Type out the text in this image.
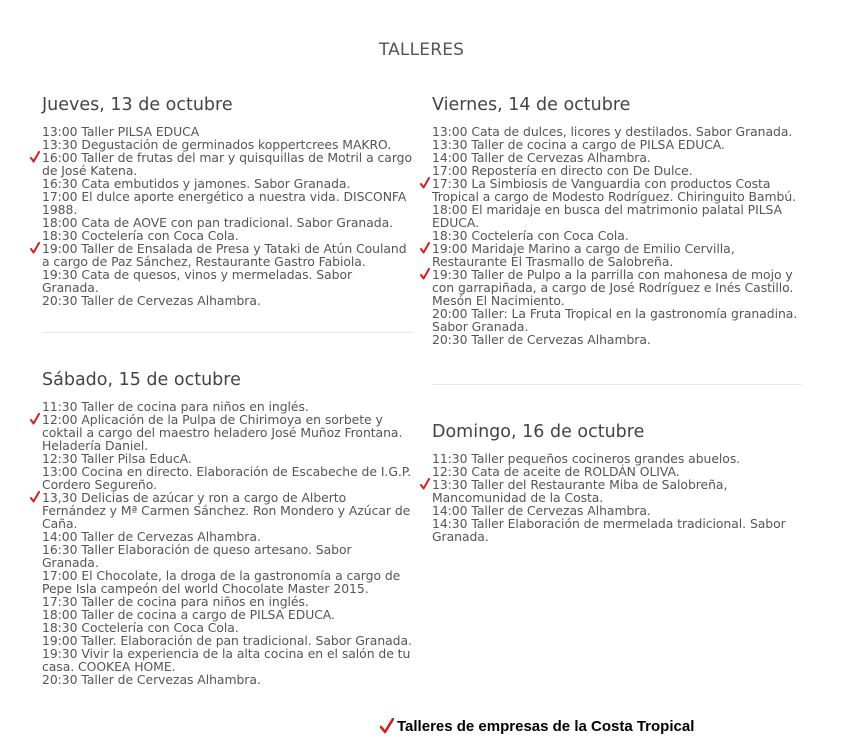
TALLERES
Jueves, 13 de octubre
13:00 Taller PILSA EDUCA
13:30 Degustación de germinados koppertcrees MAKRO.
16:00 Taller de frutas del mar y quisquillas de Motril a cargo de José Katena.
16:30 Cata embutidos y jamones. Sabor Granada.
17:00 El dulce aporte energético a nuestra vida. DISCONFA 1988.
18:00 Cata de AOVE con pan tradicional. Sabor Granada.
18:30 Coctelería con Coca Cola.
19:00 Taller de Ensalada de Presa y Tataki de Atún Couland a cargo de Paz Sánchez, Restaurante Gastro Fabiola.
19:30 Cata de quesos, vinos y mermeladas. Sabor Granada.
20:30 Taller de Cervezas Alhambra.
Sábado, 15 de octubre
11:30 Taller de cocina para niños en inglés.
12:00 Aplicación de la Pulpa de Chirimoya en sorbete y coktail a cargo del maestro heladero José Muñoz Frontana. Heladería Daniel.
12:30 Taller Pilsa EducA.
13:00 Cocina en directo. Elaboración de Escabeche de I.G.P. Cordero Segureño.
13,30 Delicias de azúcar y ron a cargo de Alberto Fernández y Mª Carmen Sánchez. Ron Mondero y Azúcar de Caña.
14:00 Taller de Cervezas Alhambra.
16:30 Taller Elaboración de queso artesano. Sabor Granada.
17:00 El Chocolate, la droga de la gastronomía a cargo de Pepe Isla campeón del world Chocolate Master 2015.
17:30 Taller de cocina para niños en inglés.
18:00 Taller de cocina a cargo de PILSA EDUCA.
18:30 Coctelería con Coca Cola.
19:00 Taller. Elaboración de pan tradicional. Sabor Granada.
19:30 Vivir la experiencia de la alta cocina en el salón de tu casa. COOKEA HOME.
20:30 Taller de Cervezas Alhambra.
Viernes, 14 de octubre
13:00 Cata de dulces, licores y destilados. Sabor Granada.
13:30 Taller de cocina a cargo de PILSA EDUCA.
14:00 Taller de Cervezas Alhambra.
17:00 Repostería en directo con De Dulce.
17:30 La Simbiosis de Vanguardia con productos Costa Tropical a cargo de Modesto Rodríguez. Chiringuito Bambú.
18:00 El maridaje en busca del matrimonio palatal PILSA EDUCA.
18:30 Coctelería con Coca Cola.
19:00 Maridaje Marino a cargo de Emilio Cervilla, Restaurante El Trasmallo de Salobreña.
19:30 Taller de Pulpo a la parrilla con mahonesa de mojo y con garrapiñada, a cargo de José Rodríguez e Inés Castillo. Mesón El Nacimiento.
20:00 Taller: La Fruta Tropical en la gastronomía granadina. Sabor Granada.
20:30 Taller de Cervezas Alhambra.
Domingo, 16 de octubre
11:30 Taller pequeños cocineros grandes abuelos.
12:30 Cata de aceite de ROLDÁN OLIVA.
13:30 Taller del Restaurante Miba de Salobreña, Mancomunidad de la Costa.
14:00 Taller de Cervezas Alhambra.
14:30 Taller Elaboración de mermelada tradicional. Sabor Granada.
Talleres de empresas de la Costa Tropical
